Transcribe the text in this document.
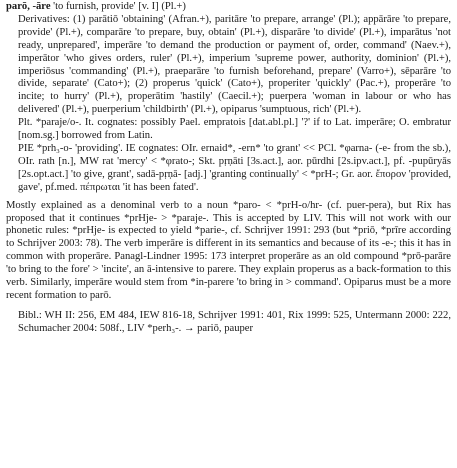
parō, -āre 'to furnish, provide' [v. I] (Pl.+)

Derivatives: (1) parātiō 'obtaining' (Afran.+), paritāre 'to prepare, arrange' (Pl.); appārāre 'to prepare, provide' (Pl.+), comparāre 'to prepare, buy, obtain' (Pl.+), disparāre 'to divide' (Pl.+), imparātus 'not ready, unprepared', imperāre 'to demand the production or payment of, order, command' (Naev.+), imperātor 'who gives orders, ruler' (Pl.+), imperium 'supreme power, authority, dominion' (Pl.+), imperiōsus 'commanding' (Pl.+), praeparāre 'to furnish beforehand, prepare' (Varro+), sēparāre 'to divide, separate' (Cato+); (2) properus 'quick' (Cato+), properiter 'quickly' (Pac.+), properāre 'to incite; to hurry' (Pl.+), properātim 'hastily' (Caecil.+); puerpera 'woman in labour or who has delivered' (Pl.+), puerperium 'childbirth' (Pl.+), opiparus 'sumptuous, rich' (Pl.+).

Plt. *paraje/o-. It. cognates: possibly Pael. empratois [dat.abl.pl.] '?' if to Lat. imperāre; O. embratur [nom.sg.] borrowed from Latin.

PIE *prh₃-o- 'providing'. IE cognates: OIr. ernaid*, -ern* 'to grant' << PCl. *φarna- (-e- from the sb.), OIr. rath [n.], MW rat 'mercy' < *φrato-; Skt. pṛṇāti [3s.act.], aor. pūrdhi [2s.ipv.act.], pf. -pupūryās [2s.opt.act.] 'to give, grant', sadā-pṛṇā- [adj.] 'granting continually' < *prH-; Gr. aor. ἔπορον 'provided, gave', pf.med. πέπρωται 'it has been fated'.

Mostly explained as a denominal verb to a noun *paro- < *prH-o/hr- (cf. puer-pera), but Rix has proposed that it continues *prHje- > *paraje-. This is accepted by LIV. This will not work with our phonetic rules: *prHje- is expected to yield *parie-, cf. Schrijver 1991: 293 (but *priō, *prīre according to Schrijver 2003: 78). The verb imperāre is different in its semantics and because of its -e-; this it has in common with properāre. Panagl-Lindner 1995: 173 interpret properāre as an old compound *prō-parāre 'to bring to the fore' > 'incite', an ā-intensive to parere. They explain properus as a back-formation to this verb. Similarly, imperāre would stem from *in-parere 'to bring in > command'. Opiparus must be a more recent formation to parō.

Bibl.: WH II: 256, EM 484, IEW 816-18, Schrijver 1991: 401, Rix 1999: 525, Untermann 2000: 222, Schumacher 2004: 508f., LIV *perh₃-. → pariō, pauper
